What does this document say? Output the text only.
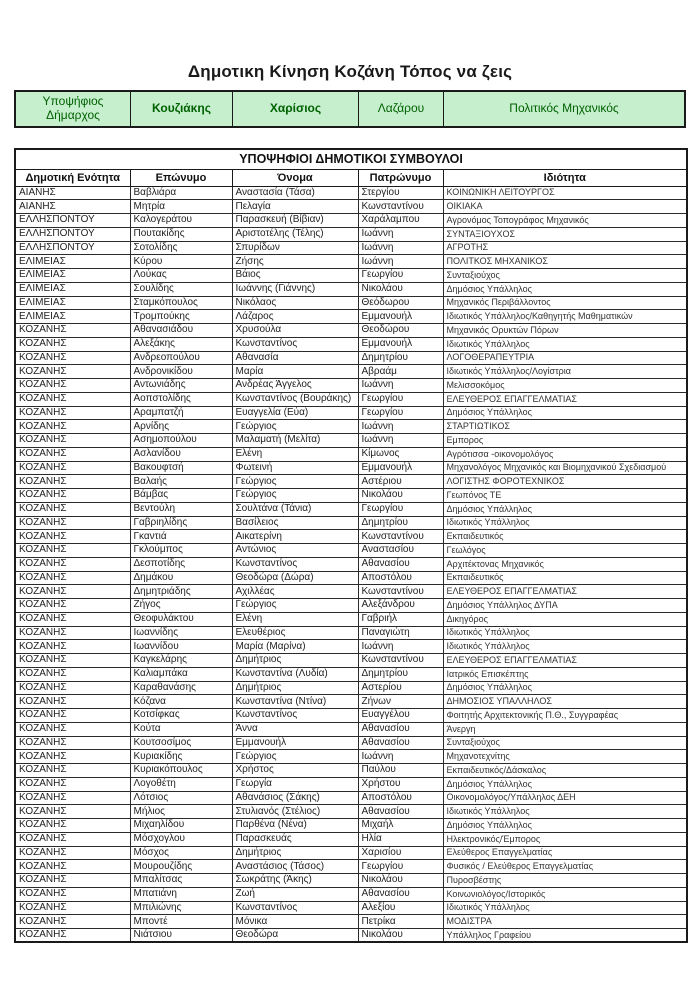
Δημοτικη Κίνηση Κοζάνη Τόπος να ζεις
Υποψήφιος Δήμαρχος	Κουζιάκης	Χαρίσιος	Λαζάρου	Πολιτικός Μηχανικός
ΥΠΟΨΗΦΙΟΙ ΔΗΜΟΤΙΚΟΙ ΣΥΜΒΟΥΛΟΙ				
Δημοτική Ενότητα	Επώνυμο	Όνομα	Πατρώνυμο	Ιδιότητα
ΑΙΑΝΗΣ	Βαβλιάρα	Αναστασία (Τάσα)	Στεργίου	ΚΟΙΝΩΝΙΚΗ ΛΕΙΤΟΥΡΓΟΣ
ΑΙΑΝΗΣ	Μητρία	Πελαγία	Κωνσταντίνου	ΟΙΚΙΑΚΑ
ΕΛΛΗΣΠΟΝΤΟΥ	Καλογεράτου	Παρασκευή (Βίβιαν)	Χαράλαμπου	Αγρονόμος Τοπογράφος Μηχανικός
ΕΛΛΗΣΠΟΝΤΟΥ	Πουτακίδης	Αριστοτέλης (Τέλης)	Ιωάννη	ΣΥΝΤΑΞΙΟΥΧΟΣ
ΕΛΛΗΣΠΟΝΤΟΥ	Σοτολίδης	Σπυρίδων	Ιωάννη	ΑΓΡΟΤΗΣ
ΕΛΙΜΕΙΑΣ	Κύρου	Ζήσης	Ιωάννη	ΠΟΛΙΤΚΟΣ ΜΗΧΑΝΙΚΟΣ
ΕΛΙΜΕΙΑΣ	Λούκας	Βάιος	Γεωργίου	Συνταξιούχος
ΕΛΙΜΕΙΑΣ	Σουλίδης	Ιωάννης (Γιάννης)	Νικολάου	Δημόσιος Υπάλληλος
ΕΛΙΜΕΙΑΣ	Σταμκόπουλος	Νικόλαος	Θεόδωρου	Μηχανικός Περιβάλλοντος
ΕΛΙΜΕΙΑΣ	Τρομπούκης	Λάζαρος	Εμμανουήλ	Ιδιωτικός Υπάλληλος/Καθηγητής Μαθηματικών
ΚΟΖΑΝΗΣ	Αθανασιάδου	Χρυσούλα	Θεοδώρου	Μηχανικός Ορυκτών Πόρων
ΚΟΖΑΝΗΣ	Αλεξάκης	Κωνσταντίνος	Εμμανουήλ	Ιδιωτικός Υπάλληλος
ΚΟΖΑΝΗΣ	Ανδρεοπούλου	Αθανασία	Δημητρίου	ΛΟΓΟΘΕΡΑΠΕΥΤΡΙΑ
ΚΟΖΑΝΗΣ	Ανδρονικίδου	Μαρία	Αβραάμ	Ιδιωτικός Υπάλληλος/Λογίστρια
ΚΟΖΑΝΗΣ	Αντωνιάδης	Ανδρέας Άγγελος	Ιωάννη	Μελισσοκόμος
ΚΟΖΑΝΗΣ	Αοπστολίδης	Κωνσταντίνος (Βουράκης)	Γεωργίου	ΕΛΕΥΘΕΡΟΣ ΕΠΑΓΓΕΛΜΑΤΙΑΣ
ΚΟΖΑΝΗΣ	Αραμπατζή	Ευαγγελία (Εύα)	Γεωργίου	Δημόσιος Υπάλληλος
ΚΟΖΑΝΗΣ	Αρνίδης	Γεώργιος	Ιωάννη	ΣΤΑΡΤΙΩΤΙΚΟΣ
ΚΟΖΑΝΗΣ	Ασημοπούλου	Μαλαματή (Μελίτα)	Ιωάννη	Εμπορος
ΚΟΖΑΝΗΣ	Ασλανίδου	Ελένη	Κίμωνος	Αγρότισσα -οικονομολόγος
ΚΟΖΑΝΗΣ	Βακουφτσή	Φωτεινή	Εμμανουήλ	Μηχανολόγος Μηχανικός και Βιομηχανικού Σχεδιασμού
ΚΟΖΑΝΗΣ	Βαλαής	Γεώργιος	Αστέριου	ΛΟΓΙΣΤΗΣ ΦΟΡΟΤΕΧΝΙΚΟΣ
ΚΟΖΑΝΗΣ	Βάμβας	Γεώργιος	Νικολάου	Γεωπόνος ΤΕ
ΚΟΖΑΝΗΣ	Βεντούλη	Σουλτάνα (Τάνια)	Γεωργίου	Δημόσιος Υπάλληλος
ΚΟΖΑΝΗΣ	Γαβριηλίδης	Βασίλειος	Δημητρίου	Ιδιωτικός Υπάλληλος
ΚΟΖΑΝΗΣ	Γκαντιά	Αικατερίνη	Κωνσταντίνου	Εκπαιδευτικός
ΚΟΖΑΝΗΣ	Γκλούμπος	Αντώνιος	Αναστασίου	Γεωλόγος
ΚΟΖΑΝΗΣ	Δεσποτίδης	Κωνσταντίνος	Αθανασίου	Αρχιτέκτονας Μηχανικός
ΚΟΖΑΝΗΣ	Δημάκου	Θεοδώρα (Δώρα)	Αποστόλου	Εκπαιδευτικός
ΚΟΖΑΝΗΣ	Δημητριάδης	Αχιλλέας	Κωνσταντίνου	ΕΛΕΥΘΕΡΟΣ ΕΠΑΓΓΕΛΜΑΤΙΑΣ
ΚΟΖΑΝΗΣ	Ζήγος	Γεώργιος	Αλεξάνδρου	Δημόσιος Υπάλληλος ΔΥΠΑ
ΚΟΖΑΝΗΣ	Θεοφυλάκτου	Ελένη	Γαβριήλ	Δικηγόρος
ΚΟΖΑΝΗΣ	Ιωαννίδης	Ελευθέριος	Παναγιώτη	Ιδιωτικός Υπάλληλος
ΚΟΖΑΝΗΣ	Ιωαννίδου	Μαρία (Μαρίνα)	Ιωάννη	Ιδιωτικός Υπάλληλος
ΚΟΖΑΝΗΣ	Καγκελάρης	Δημήτριος	Κωνσταντίνου	ΕΛΕΥΘΕΡΟΣ ΕΠΑΓΓΕΛΜΑΤΙΑΣ
ΚΟΖΑΝΗΣ	Καλιαμπάκα	Κωνσταντίνα (Λυδία)	Δημητρίου	Ιατρικός Επισκέπτης
ΚΟΖΑΝΗΣ	Καραθανάσης	Δημήτριος	Αστερίου	Δημόσιος Υπάλληλος
ΚΟΖΑΝΗΣ	Κόζανα	Κωνσταντίνα (Ντίνα)	Ζήνων	ΔΗΜΟΣΙΟΣ ΥΠΑΛΛΗΛΟΣ
ΚΟΖΑΝΗΣ	Κοτσίφκας	Κωνσταντίνος	Ευαγγέλου	Φοιτητής Αρχιτεκτονικής Π.Θ., Συγγραφέας
ΚΟΖΑΝΗΣ	Κούτα	Άννα	Αθανασίου	Άνεργη
ΚΟΖΑΝΗΣ	Κουτσοσίμος	Εμμανουήλ	Αθανασίου	Συνταξιούχος
ΚΟΖΑΝΗΣ	Κυριακίδης	Γεώργιος	Ιωάννη	Μηχανοτεχνίτης
ΚΟΖΑΝΗΣ	Κυριακόπουλος	Χρήστος	Παύλου	Εκπαιδευτικός/Δάσκαλος
ΚΟΖΑΝΗΣ	Λογοθέτη	Γεωργία	Χρήστου	Δημόσιος Υπάλληλος
ΚΟΖΑΝΗΣ	Λότσιος	Αθανάσιος (Σάκης)	Αποστόλου	Οικονομολόγος/Υπάλληλος ΔΕΗ
ΚΟΖΑΝΗΣ	Μήλιος	Στυλιανός (Στέλιος)	Αθανασίου	Ιδιωτικός Υπάλληλος
ΚΟΖΑΝΗΣ	Μιχαηλίδου	Παρθένα (Νένα)	Μιχαήλ	Δημόσιος Υπάλληλος
ΚΟΖΑΝΗΣ	Μόσχογλου	Παρασκευάς	Ηλία	Ηλεκτρονικός/Έμπορος
ΚΟΖΑΝΗΣ	Μόσχος	Δημήτριος	Χαρισίου	Ελεύθερος Επαγγελματίας
ΚΟΖΑΝΗΣ	Μουρουζίδης	Αναστάσιος (Τάσος)	Γεωργίου	Φυσικός / Ελεύθερος Επαγγελματίας
ΚΟΖΑΝΗΣ	Μπαλίτσας	Σωκράτης (Άκης)	Νικολάου	Πυροσβέστης
ΚΟΖΑΝΗΣ	Μπατιάνη	Ζωή	Αθανασίου	Κοινωνιολόγος/Ιστορικός
ΚΟΖΑΝΗΣ	Μπιλιώνης	Κωνσταντίνος	Αλεξίου	Ιδιωτικός Υπάλληλος
ΚΟΖΑΝΗΣ	Μποντέ	Μόνικα	Πετρίκα	ΜΟΔΙΣΤΡΑ
ΚΟΖΑΝΗΣ	Νιάτσιου	Θεοδώρα	Νικολάου	Υπάλληλος Γραφείου
